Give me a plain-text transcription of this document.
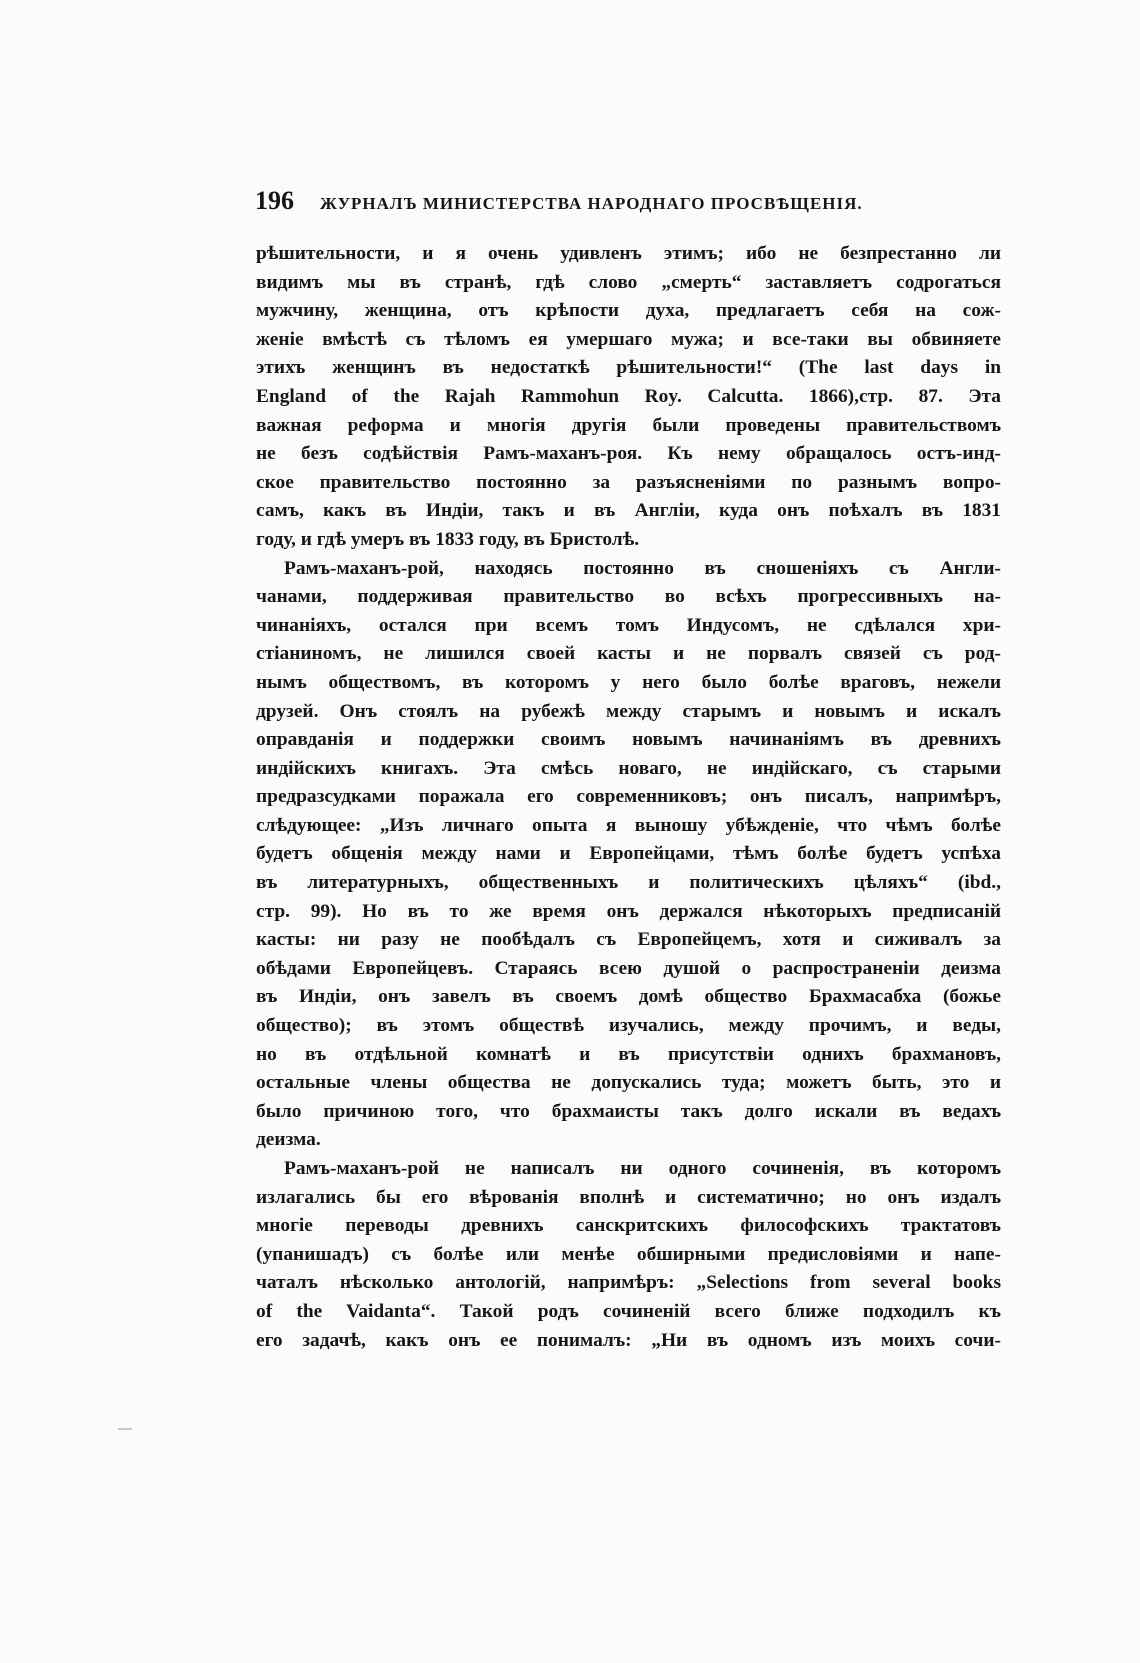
196 ЖУРНАЛЪ МИНИСТЕРСТВА НАРОДНАГО ПРОСВѢЩЕНІЯ.
рѣшительности, и я очень удивленъ этимъ; ибо не безпрестанно ли
видимъ мы въ странѣ, гдѣ слово „смерть“ заставляетъ содрогаться
мужчину, женщина, отъ крѣпости духа, предлагаетъ себя на сож-
женіе вмѣстѣ съ тѣломъ ея умершаго мужа; и все-таки вы обвиняете
этихъ женщинъ въ недостаткѣ рѣшительности!“ (The last days in
England of the Rajah Rammohun Roy. Calcutta. 1866),стр. 87. Эта
важная реформа и многія другія были проведены правительствомъ
не безъ содѣйствія Рамъ-маханъ-роя. Къ нему обращалось остъ-инд-
ское правительство постоянно за разъясненіями по разнымъ вопро-
самъ, какъ въ Индіи, такъ и въ Англіи, куда онъ поѣхалъ въ 1831
году, и гдѣ умеръ въ 1833 году, въ Бристолѣ.
Рамъ-маханъ-рой, находясь постоянно въ сношеніяхъ съ Англи-
чанами, поддерживая правительство во всѣхъ прогрессивныхъ на-
чинаніяхъ, остался при всемъ томъ Индусомъ, не сдѣлался хри-
стіаниномъ, не лишился своей касты и не порвалъ связей съ род-
нымъ обществомъ, въ которомъ у него было болѣе враговъ, нежели
друзей. Онъ стоялъ на рубежѣ между старымъ и новымъ и искалъ
оправданія и поддержки своимъ новымъ начинаніямъ въ древнихъ
индійскихъ книгахъ. Эта смѣсь новаго, не индійскаго, съ старыми
предразсудками поражала его современниковъ; онъ писалъ, напримѣръ,
слѣдующее: „Изъ личнаго опыта я выношу убѣжденіе, что чѣмъ болѣе
будетъ общенія между нами и Европейцами, тѣмъ болѣе будетъ успѣха
въ литературныхъ, общественныхъ и политическихъ цѣляхъ“ (ibd.,
стр. 99). Но въ то же время онъ держался нѣкоторыхъ предписаній
касты: ни разу не пообѣдалъ съ Европейцемъ, хотя и сиживалъ за
обѣдами Европейцевъ. Стараясь всею душой о распространеніи деизма
въ Индіи, онъ завелъ въ своемъ домѣ общество Брахмасабха (божье
общество); въ этомъ обществѣ изучались, между прочимъ, и веды,
но въ отдѣльной комнатѣ и въ присутствіи однихъ брахмановъ,
остальные члены общества не допускались туда; можетъ быть, это и
было причиною того, что брахмаисты такъ долго искали въ ведахъ
деизма.
Рамъ-маханъ-рой не написалъ ни одного сочиненія, въ которомъ
излагались бы его вѣрованія вполнѣ и систематично; но онъ издалъ
многіе переводы древнихъ санскритскихъ философскихъ трактатовъ
(упанишадъ) съ болѣе или менѣе обширными предисловіями и напе-
чаталъ нѣсколько антологій, напримѣръ: „Selections from several books
of the Vaidanta“. Такой родъ сочиненій всего ближе подходилъ къ
его задачѣ, какъ онъ ее понималъ: „Ни въ одномъ изъ моихъ сочи-
